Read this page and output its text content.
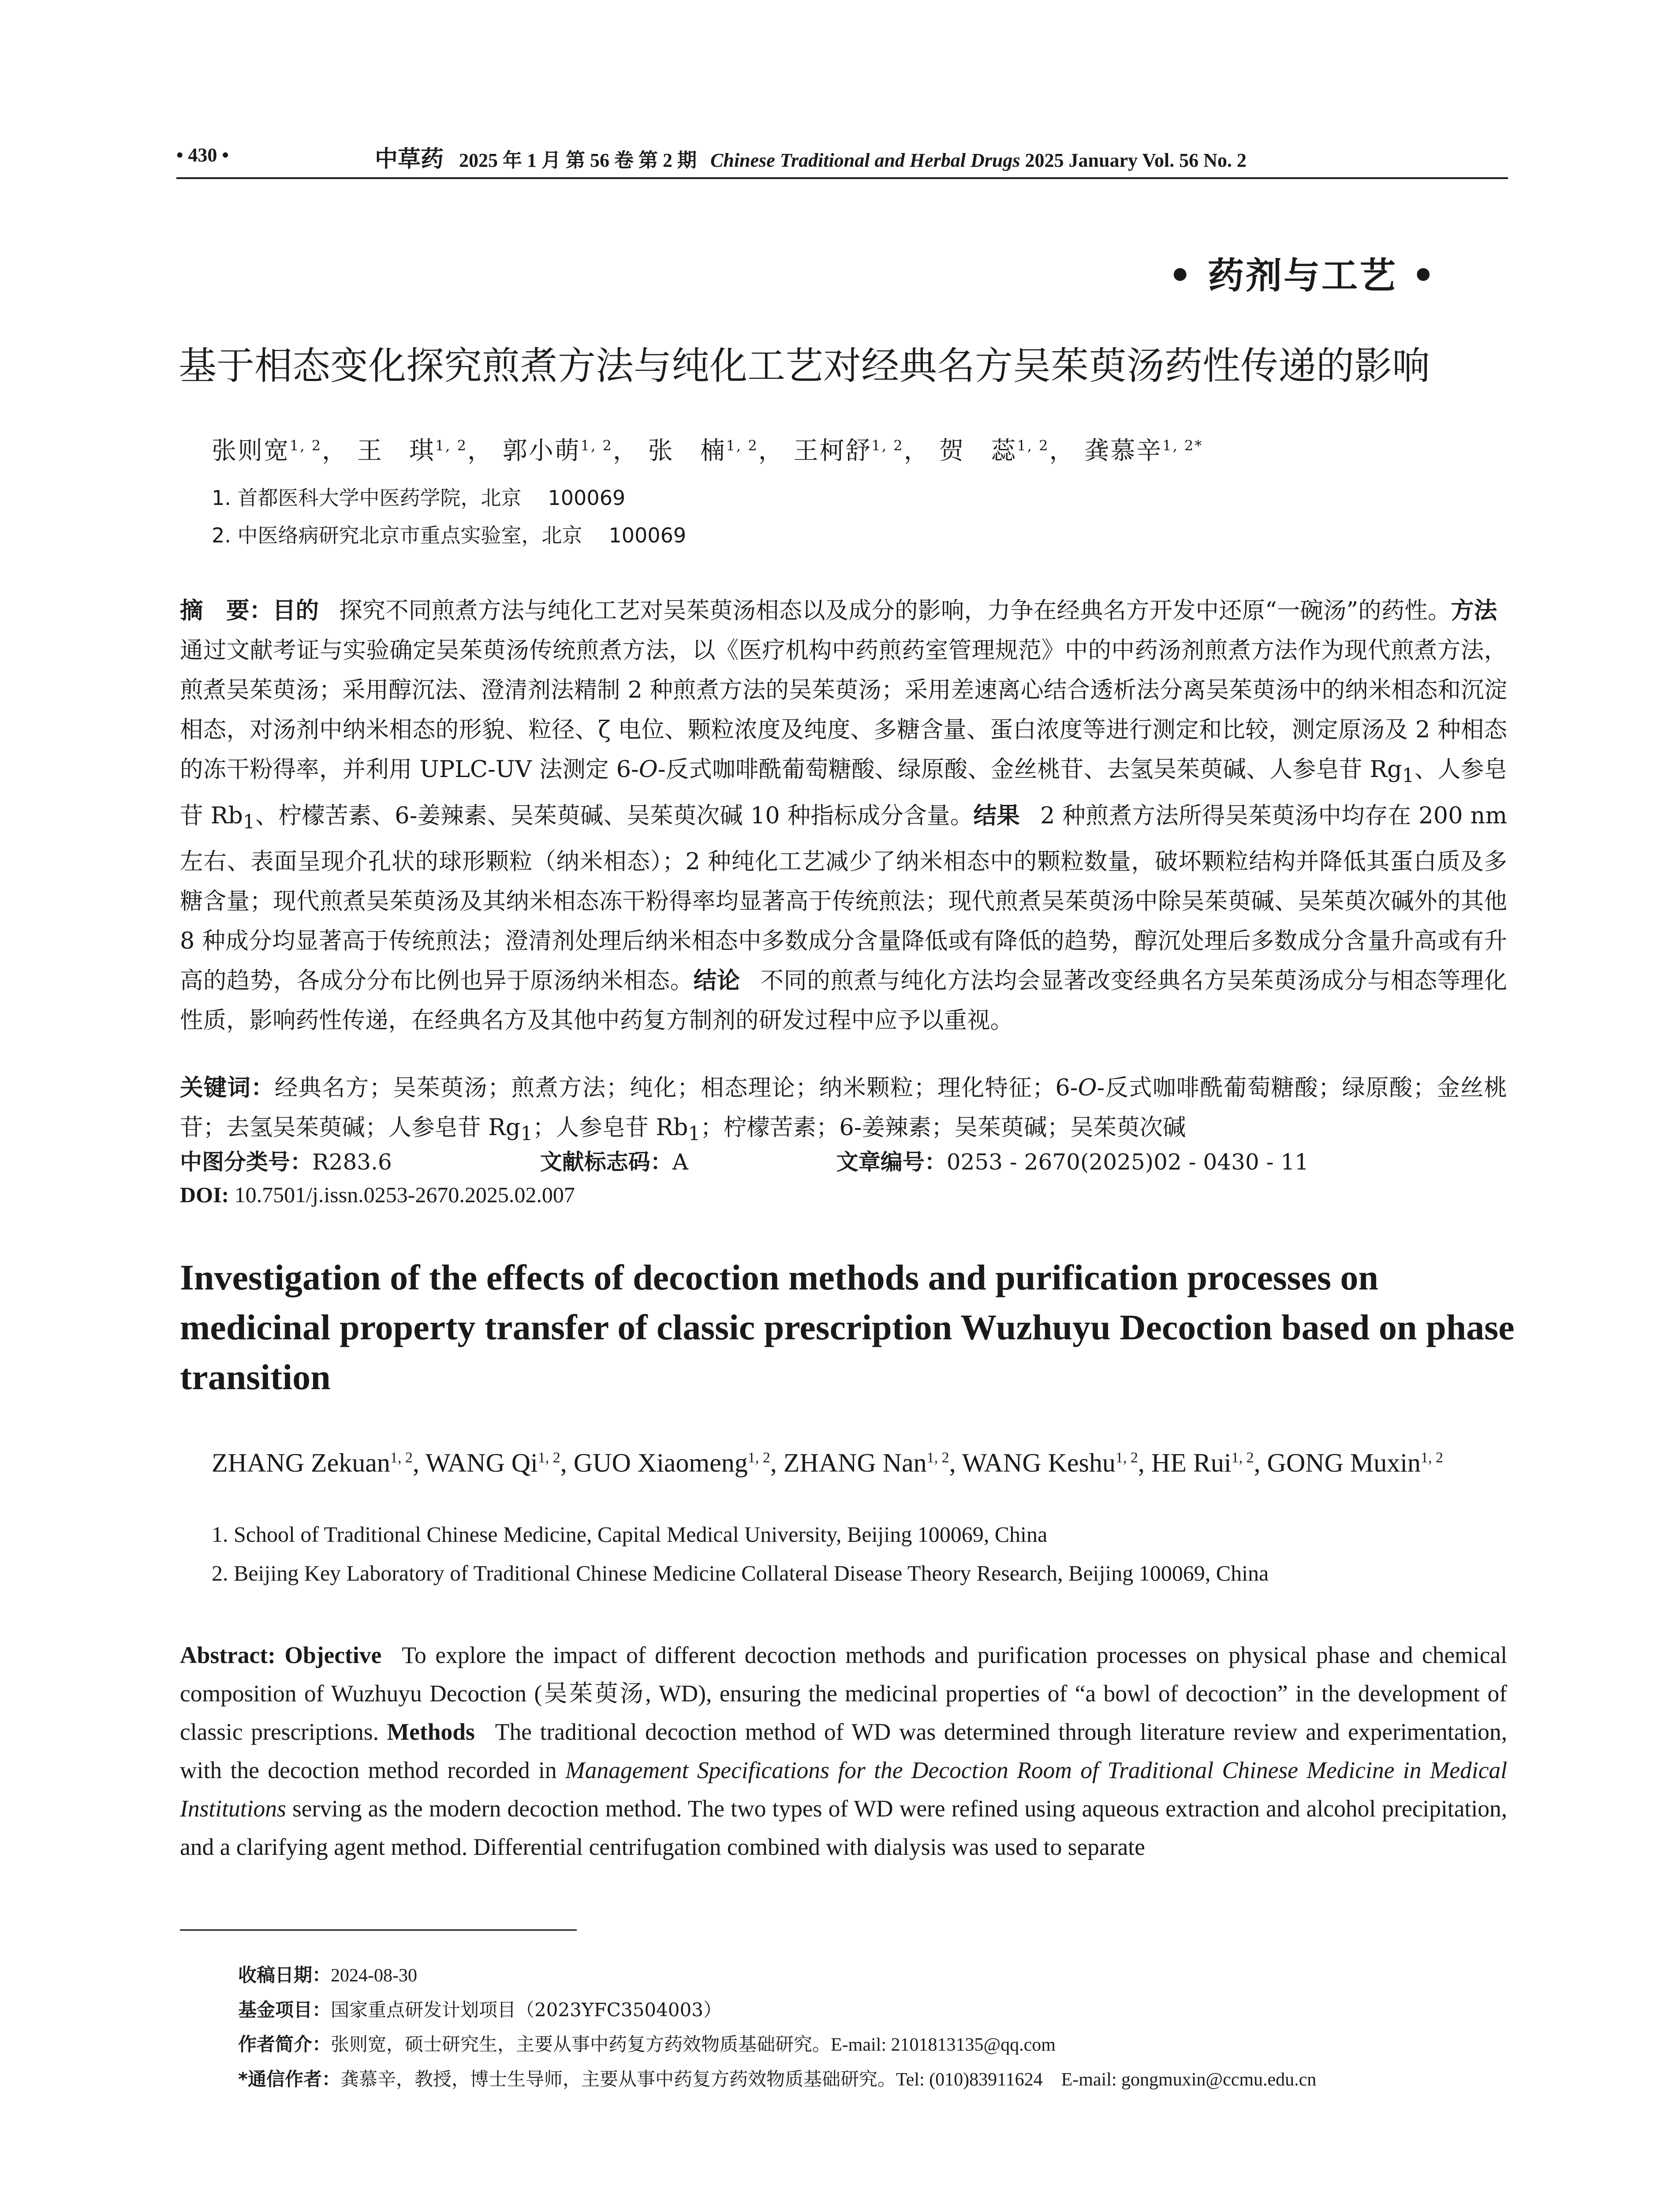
• 430 •	中草药 2025 年 1 月 第 56 卷 第 2 期 Chinese Traditional and Herbal Drugs 2025 January Vol. 56 No. 2
• 药剂与工艺 •
基于相态变化探究煎煮方法与纯化工艺对经典名方吴茱萸汤药性传递的影响
张则宽$^{1, 2}$， 王　琪$^{1, 2}$， 郭小萌$^{1, 2}$， 张　楠$^{1, 2}$， 王柯舒$^{1, 2}$， 贺　蕊$^{1, 2}$， 龚慕辛$^{1, 2*}$
1. 首都医科大学中医药学院，北京 100069
2. 中医络病研究北京市重点实验室，北京 100069
摘　要：目的 探究不同煎煮方法与纯化工艺对吴茱萸汤相态以及成分的影响，力争在经典名方开发中还原“一碗汤”的药性。方法通过文献考证与实验确定吴茱萸汤传统煎煮方法，以《医疗机构中药煎药室管理规范》中的中药汤剂煎煮方法作为现代煎煮方法，煎煮吴茱萸汤；采用醇沉法、澄清剂法精制 2 种煎煮方法的吴茱萸汤；采用差速离心结合透析法分离吴茱萸汤中的纳米相态和沉淀相态，对汤剂中纳米相态的形貌、粒径、ζ 电位、颗粒浓度及纯度、多糖含量、蛋白浓度等进行测定和比较，测定原汤及 2 种相态的冻干粉得率，并利用 UPLC-UV 法测定 6-O-反式咖啡酰葡萄糖酸、绿原酸、金丝桃苷、去氢吴茱萸碱、人参皂苷 $Rg_1$、人参皂苷 $Rb_1$、柠檬苦素、6-姜辣素、吴茱萸碱、吴茱萸次碱 10 种指标成分含量。结果 2 种煎煮方法所得吴茱萸汤中均存在 200 nm 左右、表面呈现介孔状的球形颗粒（纳米相态）；2 种纯化工艺减少了纳米相态中的颗粒数量，破坏颗粒结构并降低其蛋白质及多糖含量；现代煎煮吴茱萸汤及其纳米相态冻干粉得率均显著高于传统煎法；现代煎煮吴茱萸汤中除吴茱萸碱、吴茱萸次碱外的其他 8 种成分均显著高于传统煎法；澄清剂处理后纳米相态中多数成分含量降低或有降低的趋势，醇沉处理后多数成分含量升高或有升高的趋势，各成分分布比例也异于原汤纳米相态。结论 不同的煎煮与纯化方法均会显著改变经典名方吴茱萸汤成分与相态等理化性质，影响药性传递，在经典名方及其他中药复方制剂的研发过程中应予以重视。
关键词：经典名方；吴茱萸汤；煎煮方法；纯化；相态理论；纳米颗粒；理化特征；6-O-反式咖啡酰葡萄糖酸；绿原酸；金丝桃苷；去氢吴茱萸碱；人参皂苷 $Rg_1$；人参皂苷 $Rb_1$；柠檬苦素；6-姜辣素；吴茱萸碱；吴茱萸次碱
中图分类号：R283.6	文献标志码：A	文章编号：0253 - 2670(2025)02 - 0430 - 11
DOI: 10.7501/j.issn.0253-2670.2025.02.007
Investigation of the effects of decoction methods and purification processes on medicinal property transfer of classic prescription Wuzhuyu Decoction based on phase transition
ZHANG Zekuan$^{1, 2}$, WANG Qi$^{1, 2}$, GUO Xiaomeng$^{1, 2}$, ZHANG Nan$^{1, 2}$, WANG Keshu$^{1, 2}$, HE Rui$^{1, 2}$, GONG Muxin$^{1, 2}$
1. School of Traditional Chinese Medicine, Capital Medical University, Beijing 100069, China
2. Beijing Key Laboratory of Traditional Chinese Medicine Collateral Disease Theory Research, Beijing 100069, China
Abstract: Objective To explore the impact of different decoction methods and purification processes on physical phase and chemical composition of Wuzhuyu Decoction (吴茱萸汤, WD), ensuring the medicinal properties of “a bowl of decoction” in the development of classic prescriptions. Methods The traditional decoction method of WD was determined through literature review and experimentation, with the decoction method recorded in Management Specifications for the Decoction Room of Traditional Chinese Medicine in Medical Institutions serving as the modern decoction method. The two types of WD were refined using aqueous extraction and alcohol precipitation, and a clarifying agent method. Differential centrifugation combined with dialysis was used to separate
收稿日期：2024-08-30
基金项目：国家重点研发计划项目（2023YFC3504003）
作者简介：张则宽，硕士研究生，主要从事中药复方药效物质基础研究。E-mail: 2101813135@qq.com
*通信作者：龚慕辛，教授，博士生导师，主要从事中药复方药效物质基础研究。Tel: (010)83911624　E-mail: gongmuxin@ccmu.edu.cn
